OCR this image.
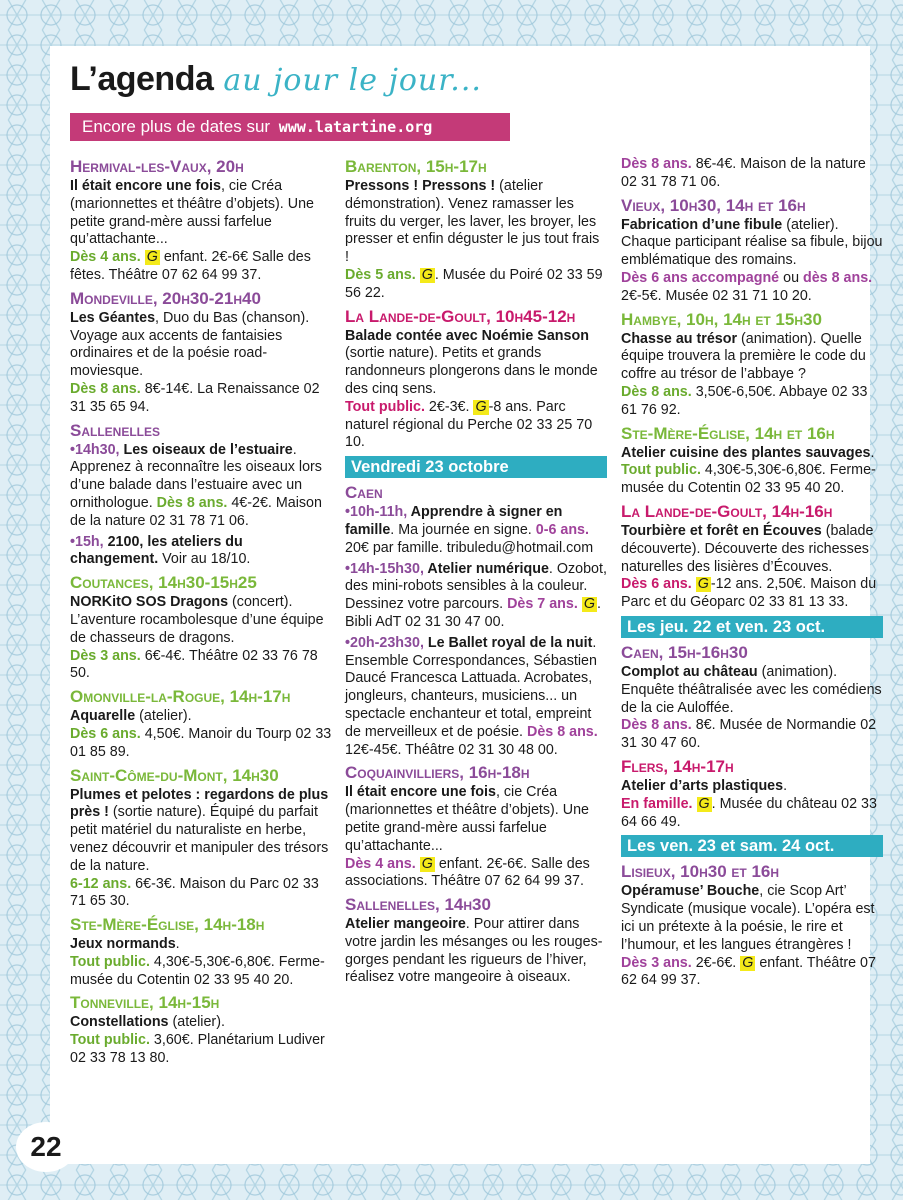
L’agenda au jour le jour...
Encore plus de dates sur www.latartine.org
Hermival-les-Vaux, 20h

Il était encore une fois, cie Créa (marionnettes et théâtre d’objets). Une petite grand-mère aussi farfelue qu’attachante...
Dès 4 ans. G enfant. 2€-6€ Salle des fêtes. Théâtre 07 62 64 99 37.

Mondeville, 20h30-21h40

Les Géantes, Duo du Bas (chanson). Voyage aux accents de fantaisies ordinaires et de la poésie road-moviesque.
Dès 8 ans. 8€-14€. La Renaissance 02 31 35 65 94.

Sallenelles

•14h30, Les oiseaux de l’estuaire. Apprenez à reconnaître les oiseaux lors d’une balade dans l’estuaire avec un ornithologue. Dès 8 ans. 4€-2€. Maison de la nature 02 31 78 71 06.

•15h, 2100, les ateliers du changement. Voir au 18/10.

Coutances, 14h30-15h25

NORKitO SOS Dragons (concert). L’aventure rocambolesque d’une équipe de chasseurs de dragons.
Dès 3 ans. 6€-4€. Théâtre 02 33 76 78 50.

Omonville-la-Rogue, 14h-17h

Aquarelle (atelier).
Dès 6 ans. 4,50€. Manoir du Tourp 02 33 01 85 89.

Saint-Côme-du-Mont, 14h30

Plumes et pelotes : regardons de plus près ! (sortie nature). Équipé du parfait petit matériel du naturaliste en herbe, venez découvrir et manipuler des trésors de la nature.
6-12 ans. 6€-3€. Maison du Parc 02 33 71 65 30.

Ste-Mère-Église, 14h-18h

Jeux normands.
Tout public. 4,30€-5,30€-6,80€. Ferme-musée du Cotentin 02 33 95 40 20.

Tonneville, 14h-15h

Constellations (atelier).
Tout public. 3,60€. Planétarium Ludiver 02 33 78 13 80.

Barenton, 15h-17h

Pressons ! Pressons ! (atelier démonstration). Venez ramasser les fruits du verger, les laver, les broyer, les presser et enfin déguster le jus tout frais !
Dès 5 ans. G . Musée du Poiré 02 33 59 56 22.

La Lande-de-Goult, 10h45-12h

Balade contée avec Noémie Sanson (sortie nature). Petits et grands randonneurs plongerons dans le monde des cinq sens.
Tout public. 2€-3€. G -8 ans. Parc naturel régional du Perche 02 33 25 70 10.

Vendredi 23 octobre
Caen

•10h-11h, Apprendre à signer en famille. Ma journée en signe. 0-6 ans. 20€ par famille. tribuledu@hotmail.com

•14h-15h30, Atelier numérique. Ozobot, des mini-robots sensibles à la couleur. Dessinez votre parcours. Dès 7 ans. G . Bibli AdT 02 31 30 47 00.

•20h-23h30, Le Ballet royal de la nuit. Ensemble Correspondances, Sébastien Daucé Francesca Lattuada. Acrobates, jongleurs, chanteurs, musiciens... un spectacle enchanteur et total, empreint de merveilleux et de poésie. Dès 8 ans. 12€-45€. Théâtre 02 31 30 48 00.

Coquainvilliers, 16h-18h

Il était encore une fois, cie Créa (marionnettes et théâtre d’objets). Une petite grand-mère aussi farfelue qu’attachante...
Dès 4 ans. G enfant. 2€-6€. Salle des associations. Théâtre 07 62 64 99 37.

Sallenelles, 14h30

Atelier mangeoire. Pour attirer dans votre jardin les mésanges ou les rouges-gorges pendant les rigueurs de l’hiver, réalisez votre mangeoire à oiseaux.

Dès 8 ans. 8€-4€. Maison de la nature 02 31 78 71 06.

Vieux, 10h30, 14h et 16h

Fabrication d’une fibule (atelier). Chaque participant réalise sa fibule, bijou emblématique des romains.
Dès 6 ans accompagné ou dès 8 ans. 2€-5€. Musée 02 31 71 10 20.

Hambye, 10h, 14h et 15h30

Chasse au trésor (animation). Quelle équipe trouvera la première le code du coffre au trésor de l’abbaye ?
Dès 8 ans. 3,50€-6,50€. Abbaye 02 33 61 76 92.

Ste-Mère-Église, 14h et 16h

Atelier cuisine des plantes sauvages.
Tout public. 4,30€-5,30€-6,80€. Ferme-musée du Cotentin 02 33 95 40 20.

La Lande-de-Goult, 14h-16h

Tourbière et forêt en Écouves (balade découverte). Découverte des richesses naturelles des lisières d’Écouves.
Dès 6 ans. G -12 ans. 2,50€. Maison du Parc et du Géoparc 02 33 81 13 33.

Les jeu. 22 et ven. 23 oct.
Caen, 15h-16h30

Complot au château (animation). Enquête théâtralisée avec les comédiens de la cie Auloffée.
Dès 8 ans. 8€. Musée de Normandie 02 31 30 47 60.

Flers, 14h-17h

Atelier d’arts plastiques.
En famille. G . Musée du château 02 33 64 66 49.

Les ven. 23 et sam. 24 oct.
Lisieux, 10h30 et 16h

Opéramuse’ Bouche, cie Scop Art’ Syndicate (musique vocale). L’opéra est ici un prétexte à la poésie, le rire et l’humour, et les langues étrangères !
Dès 3 ans. 2€-6€. G enfant. Théâtre 07 62 64 99 37.

22
